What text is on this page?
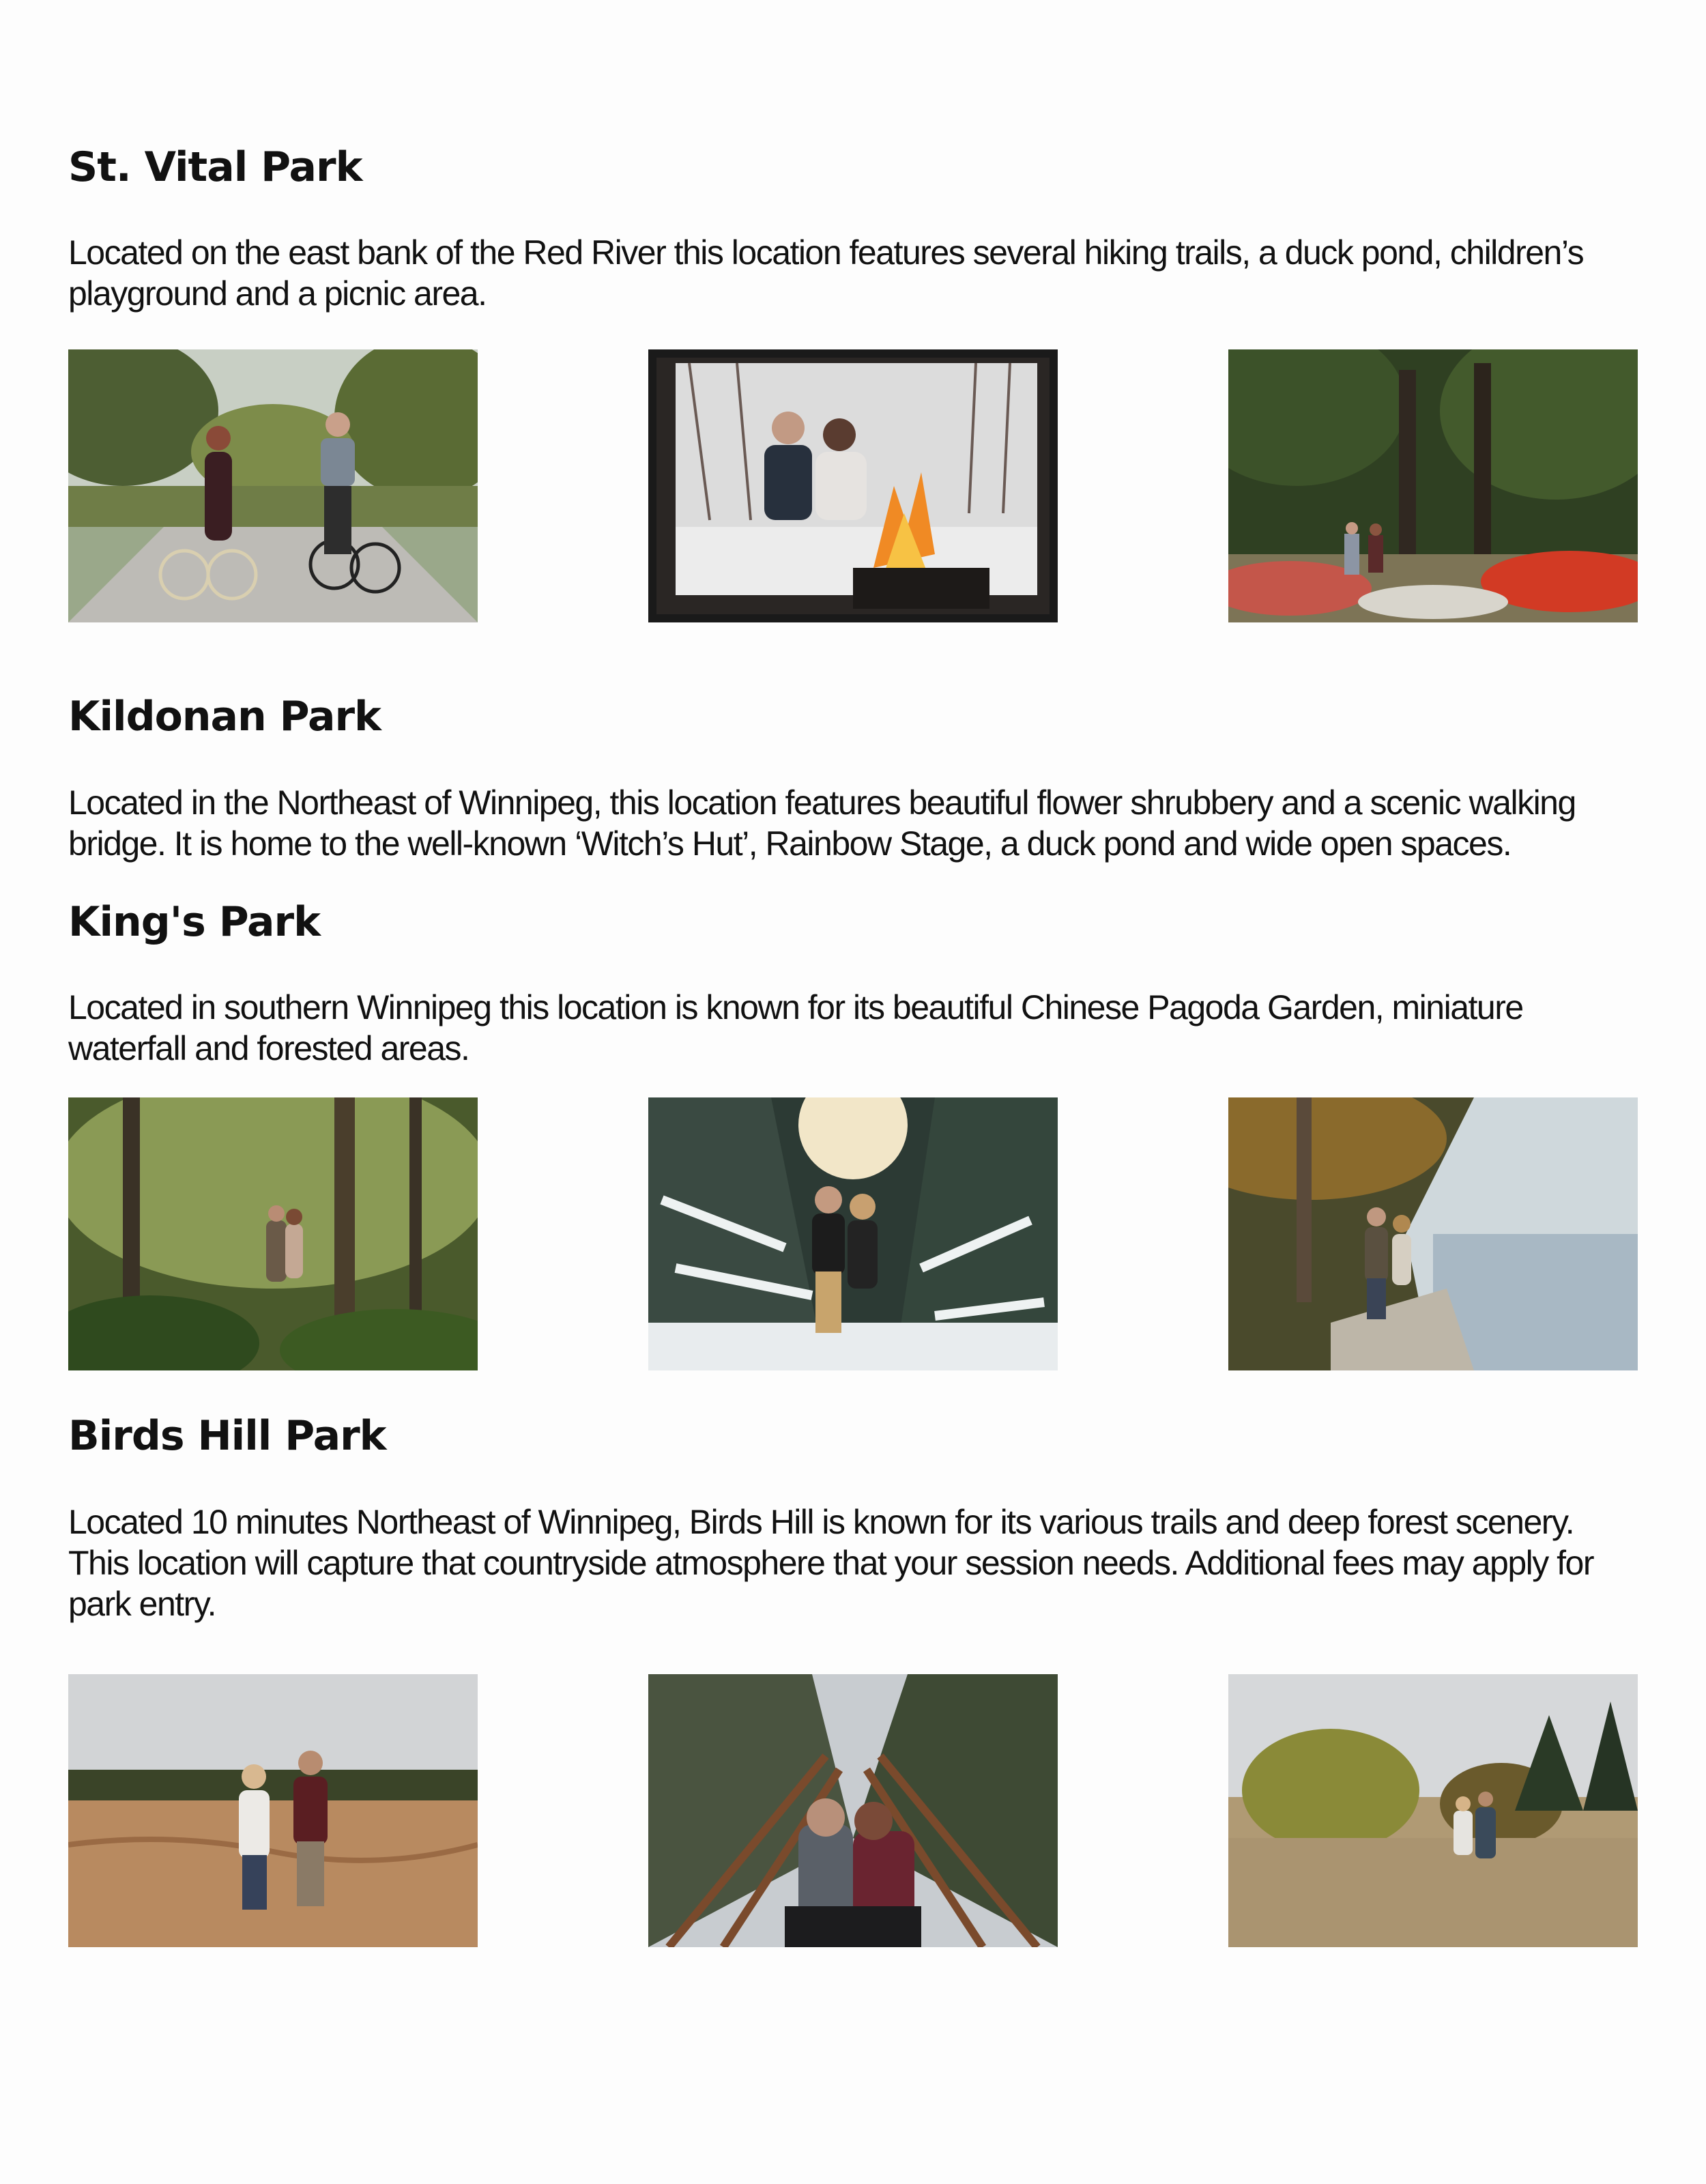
St. Vital Park

Located on the east bank of the Red River this location features several hiking trails, a duck pond, children’s playground and a picnic area.

Kildonan Park

Located in the Northeast of Winnipeg, this location features beautiful flower shrubbery and a scenic walking bridge. It is home to the well-known ‘Witch’s Hut’, Rainbow Stage, a duck pond and wide open spaces.

King's Park

Located in southern Winnipeg this location is known for its beautiful Chinese Pagoda Garden, miniature waterfall and forested areas.

Birds Hill Park

Located 10 minutes Northeast of Winnipeg, Birds Hill is known for its various trails and deep forest scenery. This location will capture that countryside atmosphere that your session needs. Additional fees may apply for park entry.
